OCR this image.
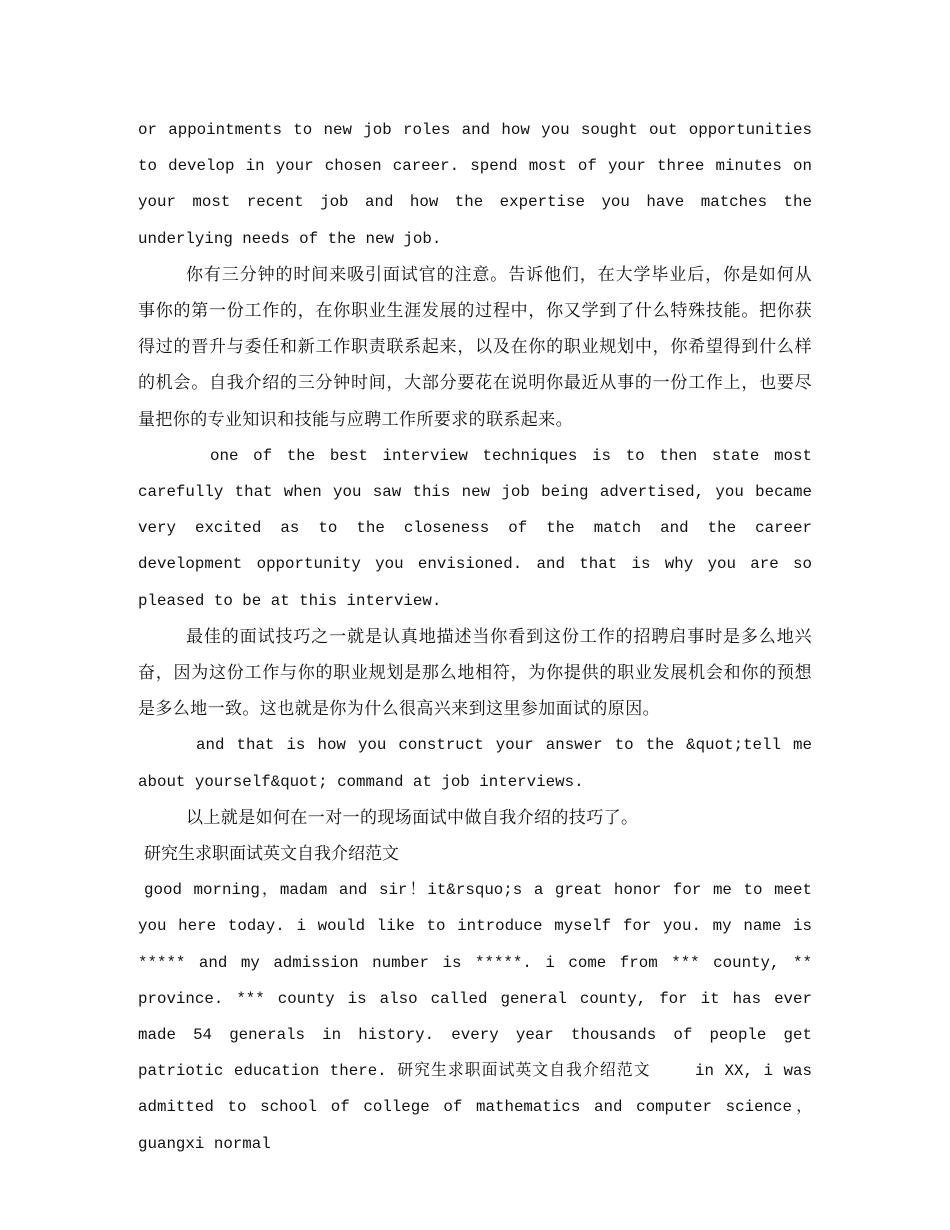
or appointments to new job roles and how you sought out opportunities to develop in your chosen career. spend most of your three minutes on your most recent job and how the expertise you have matches the underlying needs of the new job.

你有三分钟的时间来吸引面试官的注意。告诉他们，在大学毕业后，你是如何从事你的第一份工作的，在你职业生涯发展的过程中，你又学到了什么特殊技能。把你获得过的晋升与委任和新工作职责联系起来，以及在你的职业规划中，你希望得到什么样的机会。自我介绍的三分钟时间，大部分要花在说明你最近从事的一份工作上，也要尽量把你的专业知识和技能与应聘工作所要求的联系起来。

one of the best interview techniques is to then state most carefully that when you saw this new job being advertised, you became very excited as to the closeness of the match and the career development opportunity you envisioned. and that is why you are so pleased to be at this interview.

最佳的面试技巧之一就是认真地描述当你看到这份工作的招聘启事时是多么地兴奋，因为这份工作与你的职业规划是那么地相符，为你提供的职业发展机会和你的预想是多么地一致。这也就是你为什么很高兴来到这里参加面试的原因。

and that is how you construct your answer to the &quot;tell me about yourself&quot; command at job interviews.

以上就是如何在一对一的现场面试中做自我介绍的技巧了。

研究生求职面试英文自我介绍范文

good morning，madam and sir！it&rsquo;s a great honor for me to meet you here today. i would like to introduce myself for you. my name is ***** and my admission number is *****. i come from *** county, ** province. *** county is also called general county, for it has ever made 54 generals in history. every year thousands of people get patriotic education there. 研究生求职面试英文自我介绍范文 　　in XX, i was admitted to school of college of mathematics and computer science，guangxi normal
